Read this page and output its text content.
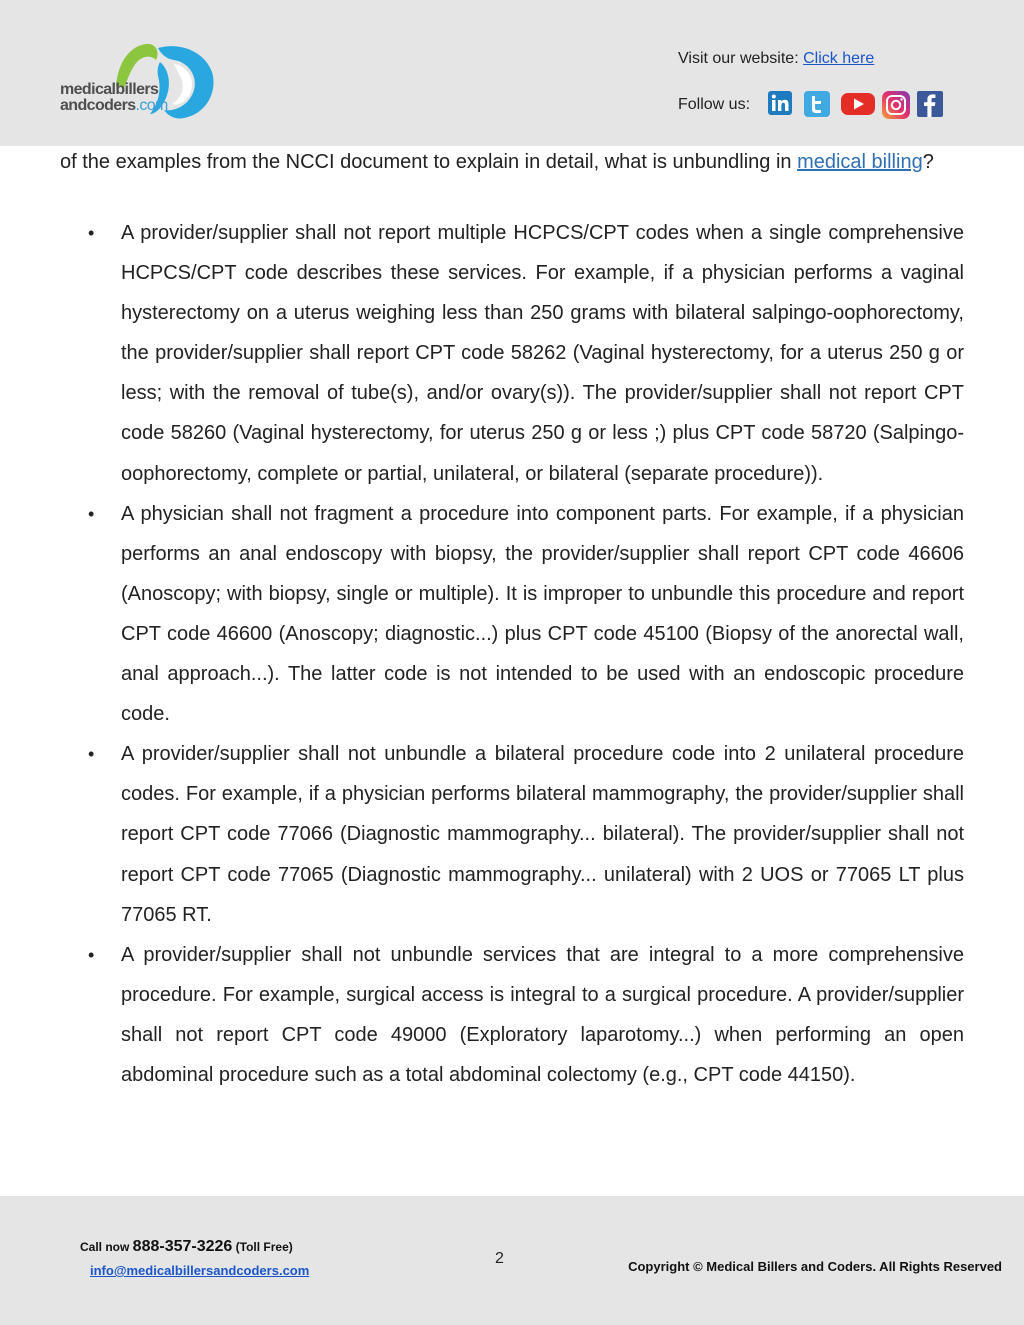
medicalbillers
andcoders.com
Visit our website: Click here
Follow us:

of the examples from the NCCI document to explain in detail, what is unbundling in medical billing?

• A provider/supplier shall not report multiple HCPCS/CPT codes when a single comprehensive HCPCS/CPT code describes these services. For example, if a physician performs a vaginal hysterectomy on a uterus weighing less than 250 grams with bilateral salpingo-oophorectomy, the provider/supplier shall report CPT code 58262 (Vaginal hysterectomy, for a uterus 250 g or less; with the removal of tube(s), and/or ovary(s)). The provider/supplier shall not report CPT code 58260 (Vaginal hysterectomy, for uterus 250 g or less ;) plus CPT code 58720 (Salpingo-oophorectomy, complete or partial, unilateral, or bilateral (separate procedure)).
• A physician shall not fragment a procedure into component parts. For example, if a physician performs an anal endoscopy with biopsy, the provider/supplier shall report CPT code 46606 (Anoscopy; with biopsy, single or multiple). It is improper to unbundle this procedure and report CPT code 46600 (Anoscopy; diagnostic...) plus CPT code 45100 (Biopsy of the anorectal wall, anal approach...). The latter code is not intended to be used with an endoscopic procedure code.
• A provider/supplier shall not unbundle a bilateral procedure code into 2 unilateral procedure codes. For example, if a physician performs bilateral mammography, the provider/supplier shall report CPT code 77066 (Diagnostic mammography... bilateral). The provider/supplier shall not report CPT code 77065 (Diagnostic mammography... unilateral) with 2 UOS or 77065 LT plus 77065 RT.
• A provider/supplier shall not unbundle services that are integral to a more comprehensive procedure. For example, surgical access is integral to a surgical procedure. A provider/supplier shall not report CPT code 49000 (Exploratory laparotomy...) when performing an open abdominal procedure such as a total abdominal colectomy (e.g., CPT code 44150).
Call now 888-357-3226 (Toll Free)
info@medicalbillersandcoders.com
2	Copyright © Medical Billers and Coders. All Rights Reserved
